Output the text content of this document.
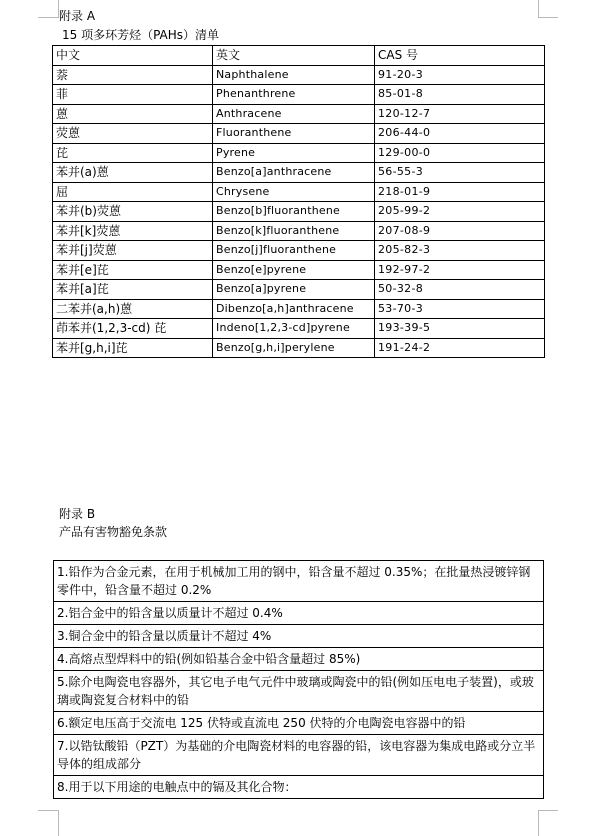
附录 A
15 项多环芳烃（PAHs）清单
中文	英文	CAS 号
萘	Naphthalene	91-20-3
菲	Phenanthrene	85-01-8
蒽	Anthracene	120-12-7
荧蒽	Fluoranthene	206-44-0
芘	Pyrene	129-00-0
苯并(a)蒽	Benzo[a]anthracene	56-55-3
屈	Chrysene	218-01-9
苯并(b)荧蒽	Benzo[b]fluoranthene	205-99-2
苯并[k]荧蒽	Benzo[k]fluoranthene	207-08-9
苯并[j]荧蒽	Benzo[j]fluoranthene	205-82-3
苯并[e]芘	Benzo[e]pyrene	192-97-2
苯并[a]芘	Benzo[a]pyrene	50-32-8
二苯并(a,h)蒽	Dibenzo[a,h]anthracene	53-70-3
茚苯并(1,2,3-cd) 芘	Indeno[1,2,3-cd]pyrene	193-39-5
苯并[g,h,i]芘	Benzo[g,h,i]perylene	191-24-2
附录 B
产品有害物豁免条款
1.铅作为合金元素，在用于机械加工用的钢中，铅含量不超过 0.35%；在批量热浸镀锌钢零件中，铅含量不超过 0.2%
2.铝合金中的铅含量以质量计不超过 0.4%
3.铜合金中的铅含量以质量计不超过 4%
4.高熔点型焊料中的铅(例如铅基合金中铅含量超过 85%)
5.除介电陶瓷电容器外，其它电子电气元件中玻璃或陶瓷中的铅(例如压电电子装置)，或玻璃或陶瓷复合材料中的铅
6.额定电压高于交流电 125 伏特或直流电 250 伏特的介电陶瓷电容器中的铅
7.以锆钛酸铅（PZT）为基础的介电陶瓷材料的电容器的铅，该电容器为集成电路或分立半导体的组成部分
8.用于以下用途的电触点中的镉及其化合物：
